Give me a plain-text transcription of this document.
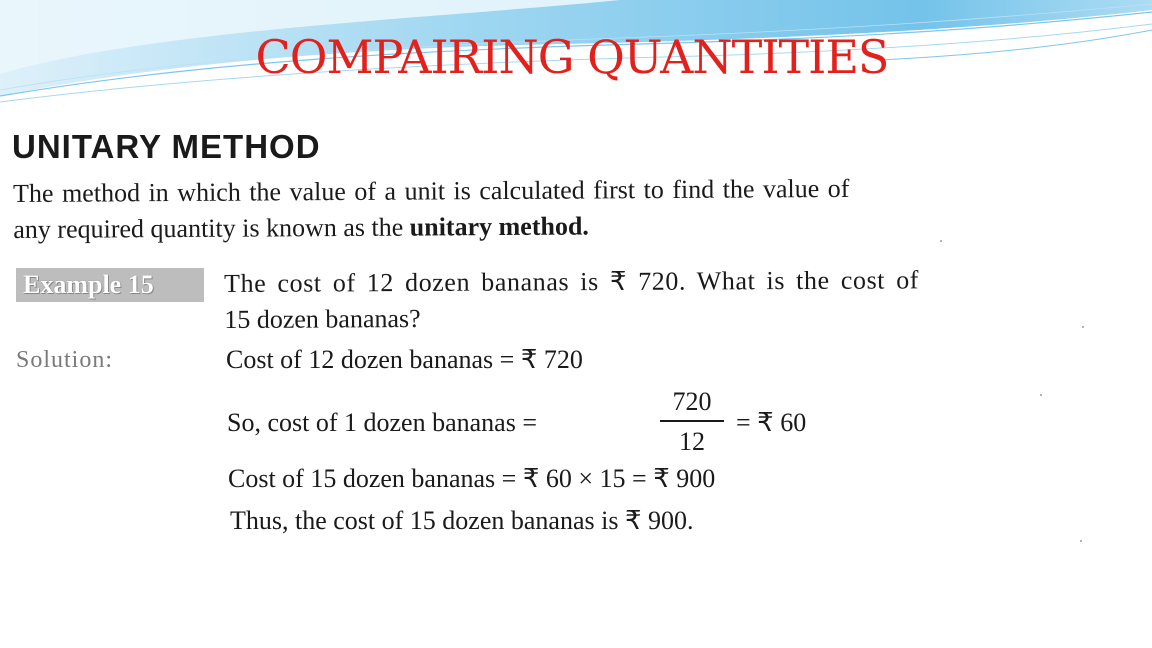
COMPAIRING QUANTITIES
UNITARY METHOD

The method in which the value of a unit is calculated first to find the value of

any required quantity is known as the unitary method.

Example 15	The cost of 12 dozen bananas is ₹ 720. What is the cost of

15 dozen bananas?

Solution:	Cost of 12 dozen bananas = ₹ 720
So, cost of 1 dozen bananas =
720
12
= ₹ 60
Cost of 15 dozen bananas = ₹ 60 × 15 = ₹ 900
Thus, the cost of 15 dozen bananas is ₹ 900.
